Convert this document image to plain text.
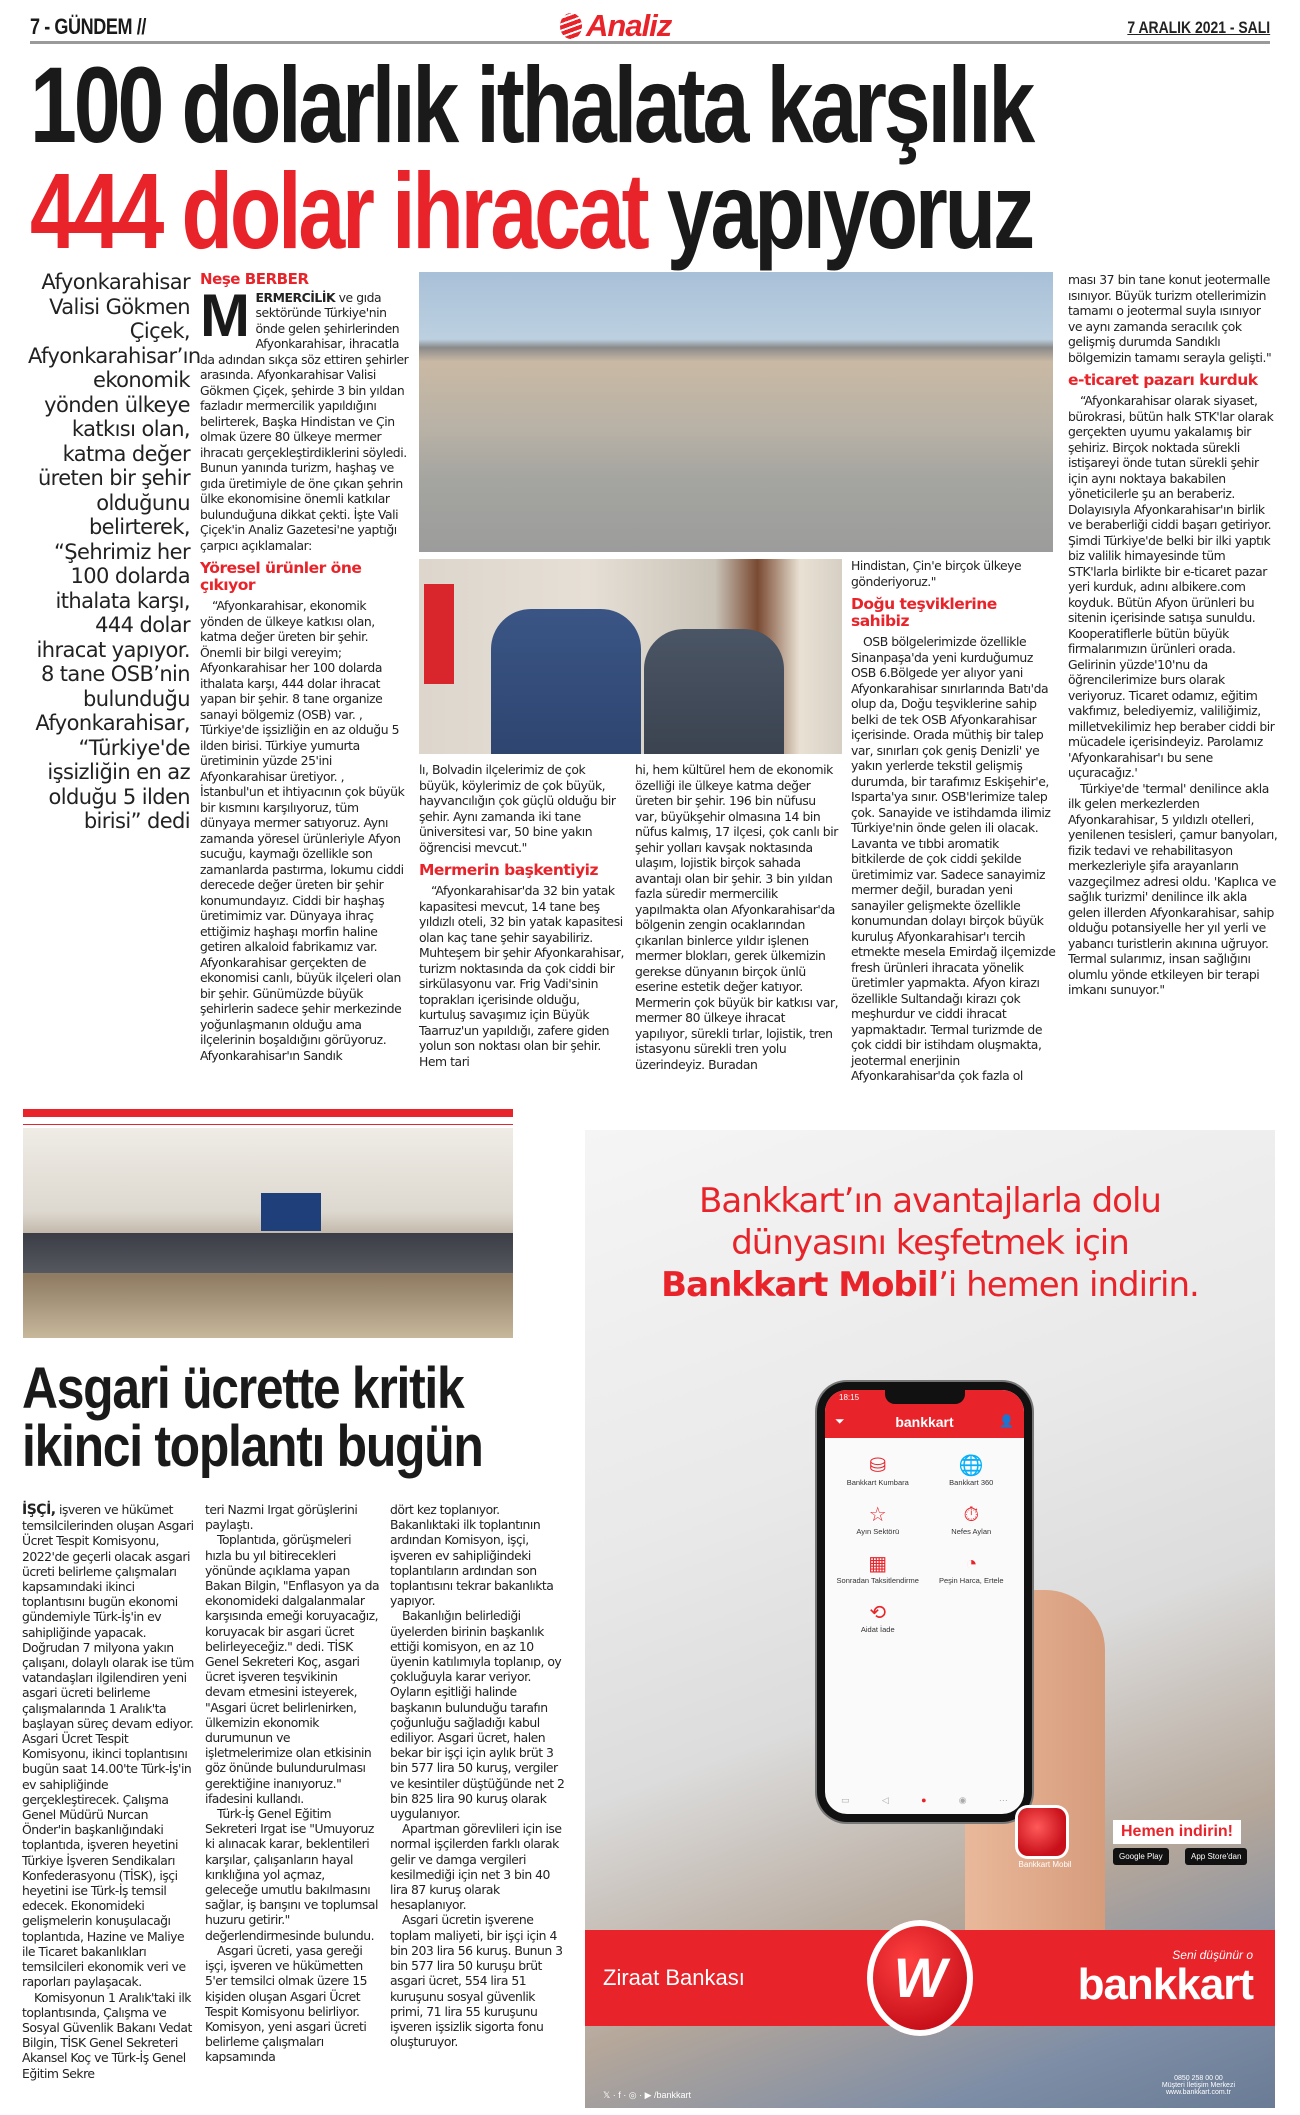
7 - GÜNDEM //	Analiz	7 ARALIK 2021 - SALI
100 dolarlık ithalata karşılık
444 dolar ihracat yapıyoruz
Afyonkarahisar Valisi Gökmen Çiçek, Afyonkarahisar’ın ekonomik yönden ülkeye katkısı olan, katma değer üreten bir şehir olduğunu belirterek, “Şehrimiz her 100 dolarda ithalata karşı, 444 dolar ihracat yapıyor. 8 tane OSB’nin bulunduğu Afyonkarahisar, “Türkiye'de işsizliğin en az olduğu 5 ilden birisi” dedi
Neşe BERBER

MERMERCİLİK ve gıda sektöründe Türkiye'nin önde gelen şehirlerinden Afyonkarahisar, ihracatla da adından sıkça söz ettiren şehirler arasında. Afyonkarahisar Valisi Gökmen Çiçek, şehirde 3 bin yıldan fazladır mermercilik yapıldığını belirterek, Başka Hindistan ve Çin olmak üzere 80 ülkeye mermer ihracatı gerçekleştirdiklerini söyledi. Bunun yanında turizm, haşhaş ve gıda üretimiyle de öne çıkan şehrin ülke ekonomisine önemli katkılar bulunduğuna dikkat çekti. İşte Vali Çiçek'in Analiz Gazetesi'ne yaptığı çarpıcı açıklamalar:

Yöresel ürünler öne çıkıyor

“Afyonkarahisar, ekonomik yönden de ülkeye katkısı olan, katma değer üreten bir şehir. Önemli bir bilgi vereyim; Afyonkarahisar her 100 dolarda ithalata karşı, 444 dolar ihracat yapan bir şehir. 8 tane organize sanayi bölgemiz (OSB) var. , Türkiye'de işsizliğin en az olduğu 5 ilden birisi. Türkiye yumurta üretiminin yüzde 25'ini Afyonkarahisar üretiyor. , İstanbul'un et ihtiyacının çok büyük bir kısmını karşılıyoruz, tüm dünyaya mermer satıyoruz. Aynı zamanda yöresel ürünleriyle Afyon sucuğu, kaymağı özellikle son zamanlarda pastırma, lokumu ciddi derecede değer üreten bir şehir konumundayız. Ciddi bir haşhaş üretimimiz var. Dünyaya ihraç ettiğimiz haşhaşı morfin haline getiren alkaloid fabrikamız var. Afyonkarahisar gerçekten de ekonomisi canlı, büyük ilçeleri olan bir şehir. Günümüzde büyük şehirlerin sadece şehir merkezinde yoğunlaşmanın olduğu ama ilçelerinin boşaldığını görüyoruz. Afyonkarahisar'ın Sandık

lı, Bolvadin ilçelerimiz de çok büyük, köylerimiz de çok büyük, hayvancılığın çok güçlü olduğu bir şehir. Aynı zamanda iki tane üniversitesi var, 50 bine yakın öğrencisi mevcut."

Mermerin başkentiyiz

“Afyonkarahisar'da 32 bin yatak kapasitesi mevcut, 14 tane beş yıldızlı oteli, 32 bin yatak kapasitesi olan kaç tane şehir sayabiliriz. Muhteşem bir şehir Afyonkarahisar, turizm noktasında da çok ciddi bir sirkülasyonu var. Frig Vadi'sinin toprakları içerisinde olduğu, kurtuluş savaşımız için Büyük Taarruz'un yapıldığı, zafere giden yolun son noktası olan bir şehir. Hem tari

hi, hem kültürel hem de ekonomik özelliği ile ülkeye katma değer üreten bir şehir. 196 bin nüfusu var, büyükşehir olmasına 14 bin nüfus kalmış, 17 ilçesi, çok canlı bir şehir yolları kavşak noktasında ulaşım, lojistik birçok sahada avantajı olan bir şehir. 3 bin yıldan fazla süredir mermercilik yapılmakta olan Afyonkarahisar'da bölgenin zengin ocaklarından çıkarılan binlerce yıldır işlenen mermer blokları, gerek ülkemizin gerekse dünyanın birçok ünlü eserine estetik değer katıyor. Mermerin çok büyük bir katkısı var, mermer 80 ülkeye ihracat yapılıyor, sürekli tırlar, lojistik, tren istasyonu sürekli tren yolu üzerindeyiz. Buradan

Hindistan, Çin'e birçok ülkeye gönderiyoruz."

Doğu teşviklerine sahibiz

OSB bölgelerimizde özellikle Sinanpaşa'da yeni kurduğumuz OSB 6.Bölgede yer alıyor yani Afyonkarahisar sınırlarında Batı'da olup da, Doğu teşviklerine sahip belki de tek OSB Afyonkarahisar içerisinde. Orada müthiş bir talep var, sınırları çok geniş Denizli' ye yakın yerlerde tekstil gelişmiş durumda, bir tarafımız Eskişehir'e, Isparta'ya sınır. OSB'lerimize talep çok. Sanayide ve istihdamda ilimiz Türkiye'nin önde gelen ili olacak. Lavanta ve tıbbi aromatik bitkilerde de çok ciddi şekilde üretimimiz var. Sadece sanayimiz mermer değil, buradan yeni sanayiler gelişmekte özellikle konumundan dolayı birçok büyük kuruluş Afyonkarahisar'ı tercih etmekte mesela Emirdağ ilçemizde fresh ürünleri ihracata yönelik üretimler yapmakta. Afyon kirazı özellikle Sultandağı kirazı çok meşhurdur ve ciddi ihracat yapmaktadır. Termal turizmde de çok ciddi bir istihdam oluşmakta, jeotermal enerjinin Afyonkarahisar'da çok fazla ol

ması 37 bin tane konut jeotermalle ısınıyor. Büyük turizm otellerimizin tamamı o jeotermal suyla ısınıyor ve aynı zamanda seracılık çok gelişmiş durumda Sandıklı bölgemizin tamamı serayla gelişti."

e-ticaret pazarı kurduk

“Afyonkarahisar olarak siyaset, bürokrasi, bütün halk STK'lar olarak gerçekten uyumu yakalamış bir şehiriz. Birçok noktada sürekli istişareyi önde tutan sürekli şehir için aynı noktaya bakabilen yöneticilerle şu an beraberiz. Dolayısıyla Afyonkarahisar'ın birlik ve beraberliği ciddi başarı getiriyor. Şimdi Türkiye'de belki bir ilki yaptık biz valilik himayesinde tüm STK'larla birlikte bir e-ticaret pazar yeri kurduk, adını albikere.com koyduk. Bütün Afyon ürünleri bu sitenin içerisinde satışa sunuldu. Kooperatiflerle bütün büyük firmalarımızın ürünleri orada. Gelirinin yüzde'10'nu da öğrencilerimize burs olarak veriyoruz. Ticaret odamız, eğitim vakfımız, belediyemiz, valiliğimiz, milletvekilimiz hep beraber ciddi bir mücadele içerisindeyiz. Parolamız 'Afyonkarahisar'ı bu sene uçuracağız.'

Türkiye'de 'termal' denilince akla ilk gelen merkezlerden Afyonkarahisar, 5 yıldızlı otelleri, yenilenen tesisleri, çamur banyoları, fizik tedavi ve rehabilitasyon merkezleriyle şifa arayanların vazgeçilmez adresi oldu. 'Kaplıca ve sağlık turizmi' denilince ilk akla gelen illerden Afyonkarahisar, sahip olduğu potansiyelle her yıl yerli ve yabancı turistlerin akınına uğruyor. Termal sularımız, insan sağlığını olumlu yönde etkileyen bir terapi imkanı sunuyor."

Asgari ücrette kritik
ikinci toplantı bugün

İŞÇİ, işveren ve hükümet temsilcilerinden oluşan Asgari Ücret Tespit Komisyonu, 2022'de geçerli olacak asgari ücreti belirleme çalışmaları kapsamındaki ikinci toplantısını bugün ekonomi gündemiyle Türk-İş'in ev sahipliğinde yapacak. Doğrudan 7 milyona yakın çalışanı, dolaylı olarak ise tüm vatandaşları ilgilendiren yeni asgari ücreti belirleme çalışmalarında 1 Aralık'ta başlayan süreç devam ediyor. Asgari Ücret Tespit Komisyonu, ikinci toplantısını bugün saat 14.00'te Türk-İş'in ev sahipliğinde gerçekleştirecek. Çalışma Genel Müdürü Nurcan Önder'in başkanlığındaki toplantıda, işveren heyetini Türkiye İşveren Sendikaları Konfederasyonu (TİSK), işçi heyetini ise Türk-İş temsil edecek. Ekonomideki gelişmelerin konuşulacağı toplantıda, Hazine ve Maliye ile Ticaret bakanlıkları temsilcileri ekonomik veri ve raporları paylaşacak.

Komisyonun 1 Aralık'taki ilk toplantısında, Çalışma ve Sosyal Güvenlik Bakanı Vedat Bilgin, TİSK Genel Sekreteri Akansel Koç ve Türk-İş Genel Eğitim Sekre

teri Nazmi Irgat görüşlerini paylaştı.

Toplantıda, görüşmeleri hızla bu yıl bitirecekleri yönünde açıklama yapan Bakan Bilgin, "Enflasyon ya da ekonomideki dalgalanmalar karşısında emeği koruyacağız, koruyacak bir asgari ücret belirleyeceğiz." dedi. TİSK Genel Sekreteri Koç, asgari ücret işveren teşvikinin devam etmesini isteyerek, "Asgari ücret belirlenirken, ülkemizin ekonomik durumunun ve işletmelerimize olan etkisinin göz önünde bulundurulması gerektiğine inanıyoruz." ifadesini kullandı.

Türk-İş Genel Eğitim Sekreteri Irgat ise "Umuyoruz ki alınacak karar, beklentileri karşılar, çalışanların hayal kırıklığına yol açmaz, geleceğe umutlu bakılmasını sağlar, iş barışını ve toplumsal huzuru getirir." değerlendirmesinde bulundu.

Asgari ücreti, yasa gereği işçi, işveren ve hükümetten 5'er temsilci olmak üzere 15 kişiden oluşan Asgari Ücret Tespit Komisyonu belirliyor. Komisyon, yeni asgari ücreti belirleme çalışmaları kapsamında

dört kez toplanıyor. Bakanlıktaki ilk toplantının ardından Komisyon, işçi, işveren ev sahipliğindeki toplantıların ardından son toplantısını tekrar bakanlıkta yapıyor.

Bakanlığın belirlediği üyelerden birinin başkanlık ettiği komisyon, en az 10 üyenin katılımıyla toplanıp, oy çokluğuyla karar veriyor. Oyların eşitliği halinde başkanın bulunduğu tarafın çoğunluğu sağladığı kabul ediliyor. Asgari ücret, halen bekar bir işçi için aylık brüt 3 bin 577 lira 50 kuruş, vergiler ve kesintiler düştüğünde net 2 bin 825 lira 90 kuruş olarak uygulanıyor.

Apartman görevlileri için ise normal işçilerden farklı olarak gelir ve damga vergileri kesilmediği için net 3 bin 40 lira 87 kuruş olarak hesaplanıyor.

Asgari ücretin işverene toplam maliyeti, bir işçi için 4 bin 203 lira 56 kuruş. Bunun 3 bin 577 lira 50 kuruşu brüt asgari ücret, 554 lira 51 kuruşunu sosyal güvenlik primi, 71 lira 55 kuruşunu işveren işsizlik sigorta fonu oluşturuyor.

Bankkart’ın avantajlarla dolu
dünyasını keşfetmek için
Bankkart Mobil’i hemen indirin.
18:15
⏷	bankkart	👤
⛁
Bankkart Kumbara
🌐
Bankkart 360
☆
Ayın Sektörü
⏱
Nefes Aylan
▦
Sonradan Taksitlendirme
◔
Peşin Harca, Ertele
⟲
Aidat İade
▭	◁	●	◉	⋯
Bankkart Mobil
Hemen indirin!
Google Play	App Store'dan
Ziraat Bankası	W	Seni düşünür o
bankkart
𝕏 · f · ◎ · ▶ /bankkart
0850 258 00 00
Müşteri İletişim Merkezi
www.bankkart.com.tr
